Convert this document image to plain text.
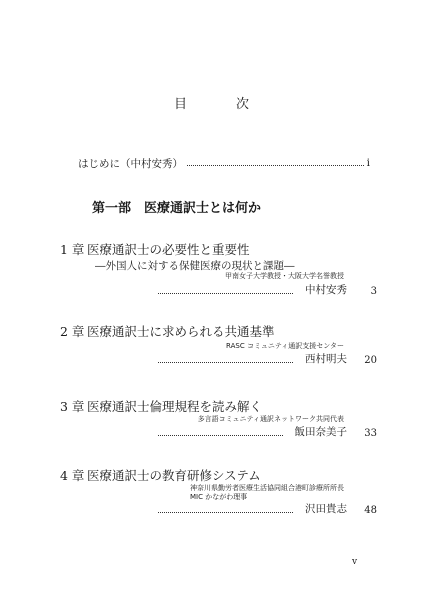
目　次
はじめに（中村安秀）	i
第一部　医療通訳士とは何か
1 章 医療通訳士の必要性と重要性
―外国人に対する保健医療の現状と課題―
甲南女子大学教授・大阪大学名誉教授
中村安秀	3
2 章 医療通訳士に求められる共通基準
RASC コミュニティ通訳支援センター
西村明夫	20
3 章 医療通訳士倫理規程を読み解く
多言語コミュニティ通訳ネットワーク共同代表
飯田奈美子	33
4 章 医療通訳士の教育研修システム
神奈川県勤労者医療生活協同組合港町診療所所長
MIC かながわ理事
沢田貴志	48
v
